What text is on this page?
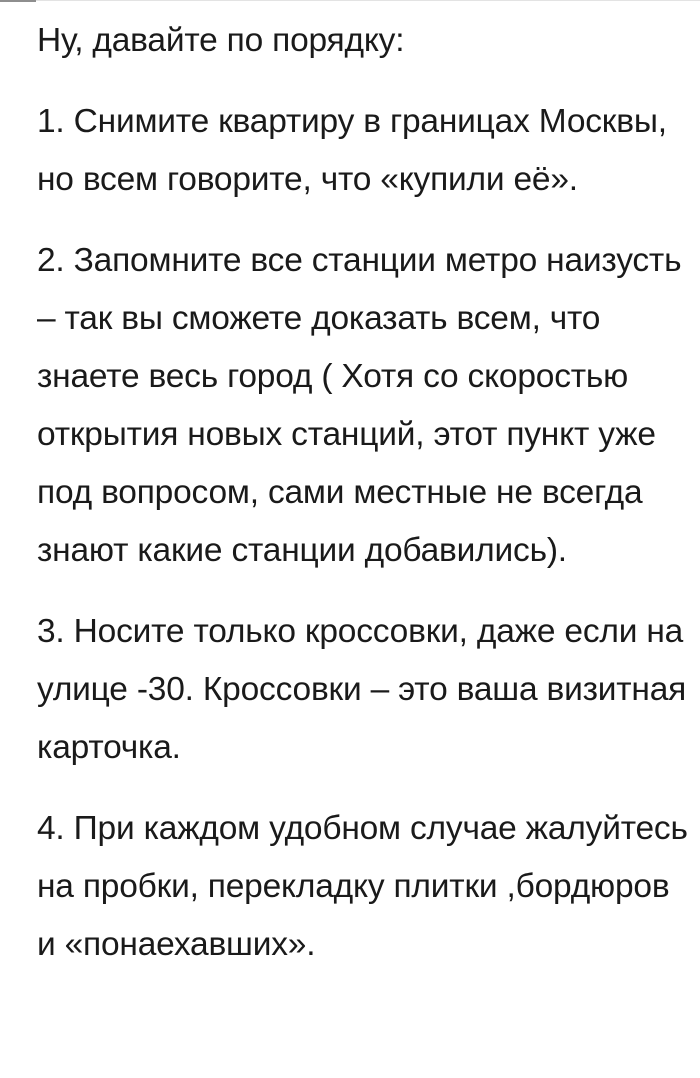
Ну, давайте по порядку:

1. Снимите квартиру в границах Москвы, но всем говорите, что «купили её».

2. Запомните все станции метро наизусть – так вы сможете доказать всем, что знаете весь город ( Хотя со скоростью открытия новых станций, этот пункт уже под вопросом, сами местные не всегда знают какие станции добавились).

3. Носите только кроссовки, даже если на улице -30. Кроссовки – это ваша визитная карточка.

4. При каждом удобном случае жалуйтесь на пробки, перекладку плитки ,бордюров и «понаехавших».
